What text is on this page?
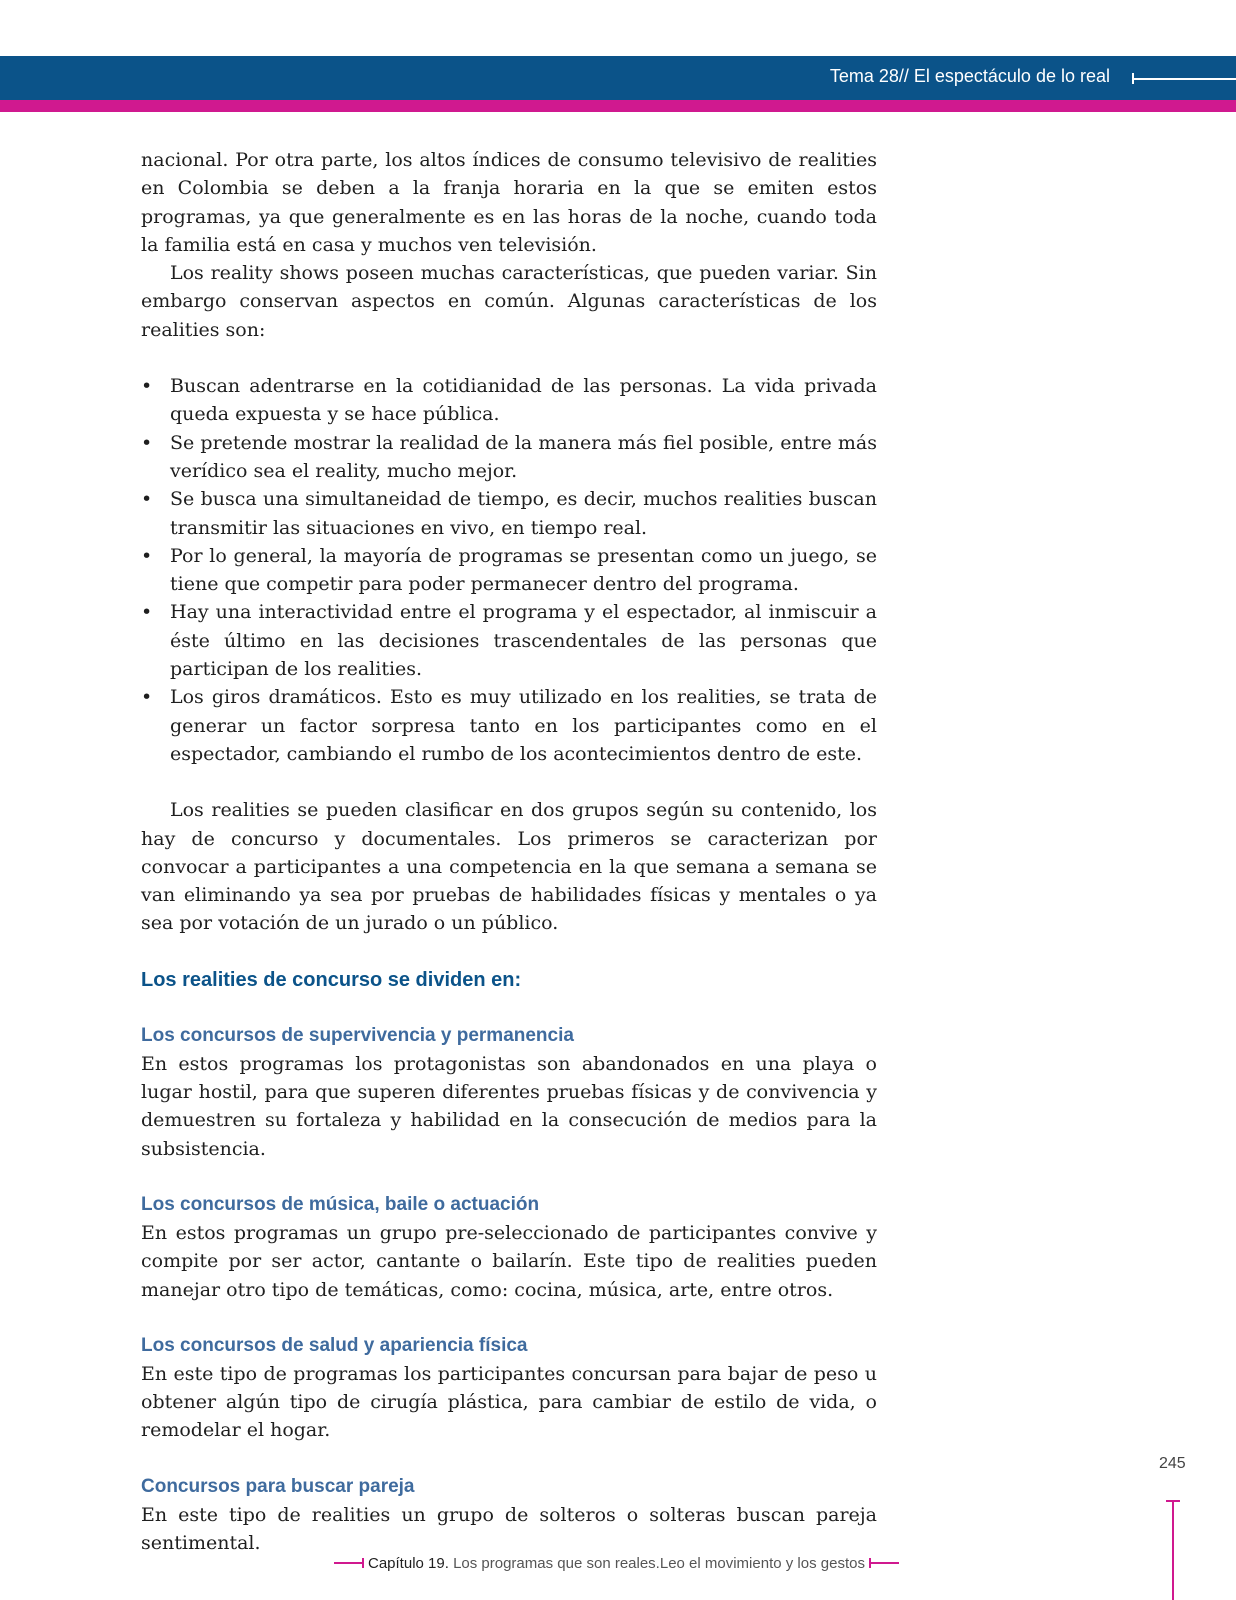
Tema 28// El espectáculo de lo real

nacional. Por otra parte, los altos índices de consumo televisivo de realities en Colombia se deben a la franja horaria en la que se emiten estos programas, ya que generalmente es en las horas de la noche, cuando toda la familia está en casa y muchos ven televisión.

Los reality shows poseen muchas características, que pueden variar. Sin embargo conservan aspectos en común. Algunas características de los realities son:

• Buscan adentrarse en la cotidianidad de las personas. La vida privada queda expuesta y se hace pública.
• Se pretende mostrar la realidad de la manera más fiel posible, entre más verídico sea el reality, mucho mejor.
• Se busca una simultaneidad de tiempo, es decir, muchos realities buscan transmitir las situaciones en vivo, en tiempo real.
• Por lo general, la mayoría de programas se presentan como un juego, se tiene que competir para poder permanecer dentro del programa.
• Hay una interactividad entre el programa y el espectador, al inmiscuir a éste último en las decisiones trascendentales de las personas que participan de los realities.
• Los giros dramáticos. Esto es muy utilizado en los realities, se trata de generar un factor sorpresa tanto en los participantes como en el espectador, cambiando el rumbo de los acontecimientos dentro de este.

Los realities se pueden clasificar en dos grupos según su contenido, los hay de concurso y documentales. Los primeros se caracterizan por convocar a participantes a una competencia en la que semana a semana se van eliminando ya sea por pruebas de habilidades físicas y mentales o ya sea por votación de un jurado o un público.

Los realities de concurso se dividen en:
Los concursos de supervivencia y permanencia

En estos programas los protagonistas son abandonados en una playa o lugar hostil, para que superen diferentes pruebas físicas y de convivencia y demuestren su fortaleza y habilidad en la consecución de medios para la subsistencia.

Los concursos de música, baile o actuación

En estos programas un grupo pre-seleccionado de participantes convive y compite por ser actor, cantante o bailarín. Este tipo de realities pueden manejar otro tipo de temáticas, como: cocina, música, arte, entre otros.

Los concursos de salud y apariencia física

En este tipo de programas los participantes concursan para bajar de peso u obtener algún tipo de cirugía plástica, para cambiar de estilo de vida, o remodelar el hogar.

Concursos para buscar pareja

En este tipo de realities un grupo de solteros o solteras buscan pareja sentimental.

245
Capítulo 19.
Los programas que son reales.Leo el movimiento y los gestos
